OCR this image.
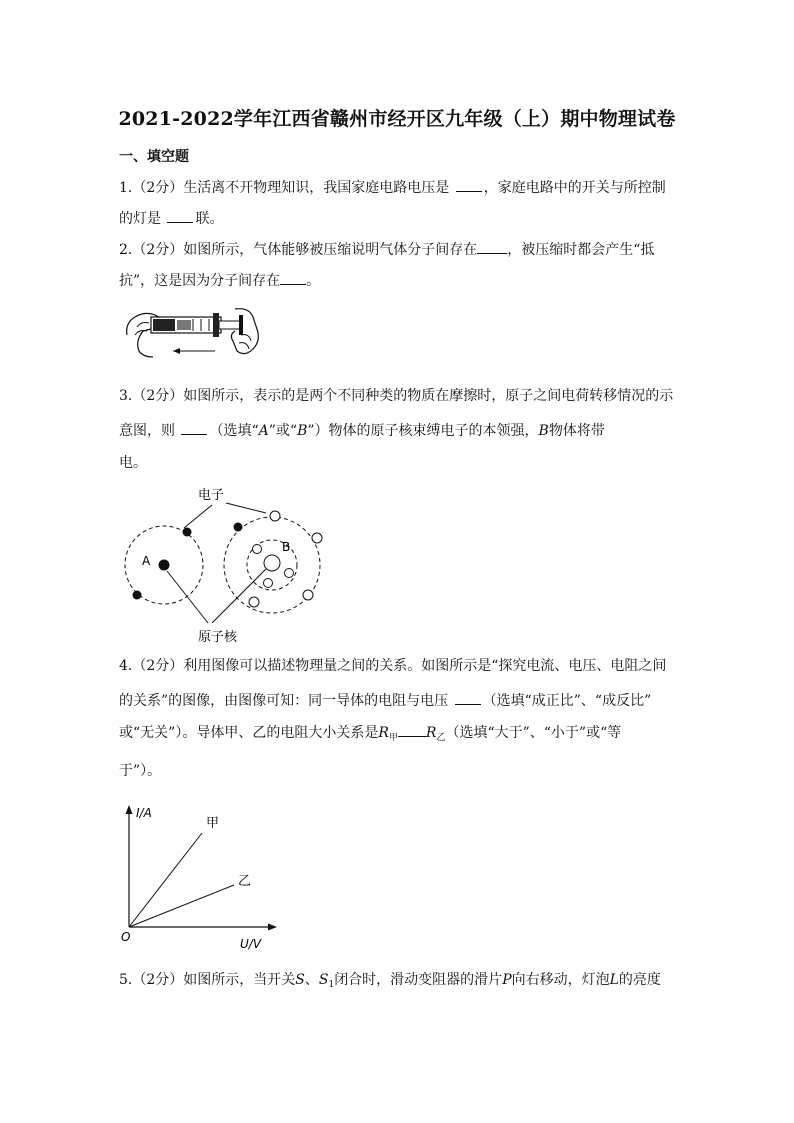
2021-2022学年江西省赣州市经开区九年级（上）期中物理试卷
一、填空题
1.（2分）生活离不开物理知识，我国家庭电路电压是 ，家庭电路中的开关与所控制
的灯是 联。
2.（2分）如图所示，气体能够被压缩说明气体分子间存在 ，被压缩时都会产生“抵
抗”，这是因为分子间存在 。
3.（2分）如图所示，表示的是两个不同种类的物质在摩擦时，原子之间电荷转移情况的示
意图，则 （选填“A”或“B”）物体的原子核束缚电子的本领强，B物体将带
电。
电子
A
B
原子核
4.（2分）利用图像可以描述物理量之间的关系。如图所示是“探究电流、电压、电阻之间
的关系”的图像，由图像可知：同一导体的电阻与电压 （选填“成正比”、“成反比”
或“无关”）。导体甲、乙的电阻大小关系是$R_甲$ $R_乙$（选填“大于”、“小于”或“等
于”）。
I/A
U/V
O
甲
乙
5.（2分）如图所示，当开关S、$S_1$闭合时，滑动变阻器的滑片P向右移动，灯泡L的亮度
